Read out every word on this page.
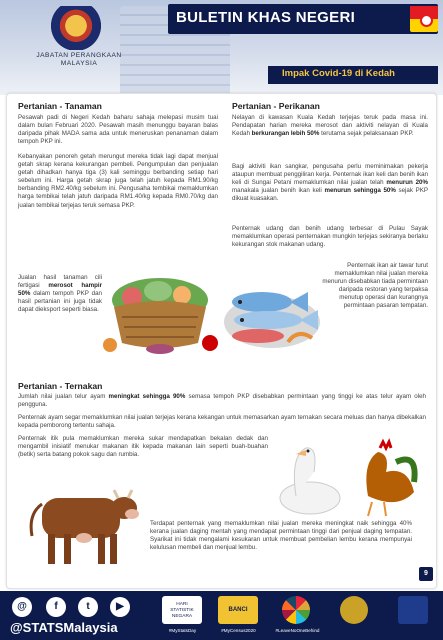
JABATAN PERANGKAAN
MALAYSIA
BULETIN KHAS NEGERI
Impak Covid-19 di Kedah
Pertanian - Tanaman
Pesawah padi di Negeri Kedah baharu sahaja melepasi musim tuai dalam bulan Februari 2020. Pesawah masih menunggu bayaran balas daripada pihak MADA sama ada untuk meneruskan penanaman dalam tempoh PKP ini.
Kebanyakan penoreh getah merungut mereka tidak lagi dapat menjual getah skrap kerana kekurangan pembeli. Pengumpulan dan penjualan getah dihadkan hanya tiga (3) kali seminggu berbanding setiap hari sebelum ini. Harga getah skrap juga telah jatuh kepada RM1.90/kg berbanding RM2.40/kg sebelum ini. Pengusaha tembikai memaklumkan harga tembikai telah jatuh daripada RM1.40/kg kepada RM0.70/kg dan jualan tembikai terjejas teruk semasa PKP.
Jualan hasil tanaman cili fertigasi merosot hampir 50% dalam tempoh PKP dan hasil pertanian ini juga tidak dapat dieksport seperti biasa.
Pertanian - Perikanan
Nelayan di kawasan Kuala Kedah terjejas teruk pada masa ini. Pendapatan harian mereka merosot dan aktiviti nelayan di Kuala Kedah berkurangan lebih 50% terutama sejak pelaksanaan PKP.
Bagi aktiviti ikan sangkar, pengusaha perlu meminimakan pekerja ataupun membuat penggiliran kerja. Penternak ikan keli dan benih ikan keli di Sungai Petani memaklumkan nilai jualan telah menurun 20% manakala jualan benih ikan keli menurun sehingga 50% sejak PKP dikuat kuasakan.
Penternak udang dan benih udang terbesar di Pulau Sayak memaklumkan operasi penternakan mungkin terjejas sekiranya berlaku kekurangan stok makanan udang.
Penternak ikan air tawar turut memaklumkan nilai jualan mereka menurun disebabkan tiada permintaan daripada restoran yang terpaksa menutup operasi dan kurangnya permintaan pasaran tempatan.
Pertanian - Ternakan
Jumlah nilai jualan telur ayam meningkat sehingga 90% semasa tempoh PKP disebabkan permintaan yang tinggi ke atas telur ayam oleh pengguna.
Penternak ayam segar memaklumkan nilai jualan terjejas kerana kekangan untuk memasarkan ayam ternakan secara meluas dan hanya dibekalkan kepada pemborong tertentu sahaja.
Penternak itik pula memaklumkan mereka sukar mendapatkan bekalan dedak dan mengambil inisiatif menukar makanan itik kepada makanan lain seperti buah-buahan (betik) serta batang pokok sagu dan rumbia.
Terdapat penternak yang memaklumkan nilai jualan mereka meningkat naik sehingga 40% kerana jualan daging mentah yang mendapat permintaan tinggi dari penjual daging tempatan. Syarikat ini tidak mengalami kesukaran untuk membuat pembelian lembu kerana mempunyai kelulusan membeli dan menjual lembu.
9
@	f	t	▶
@STATSMalaysia
HARI STATISTIK NEGARA
BANCI MALAYSIA
#MyStatsDay	#MyCensus2020	#LeaveNoOneBehind
